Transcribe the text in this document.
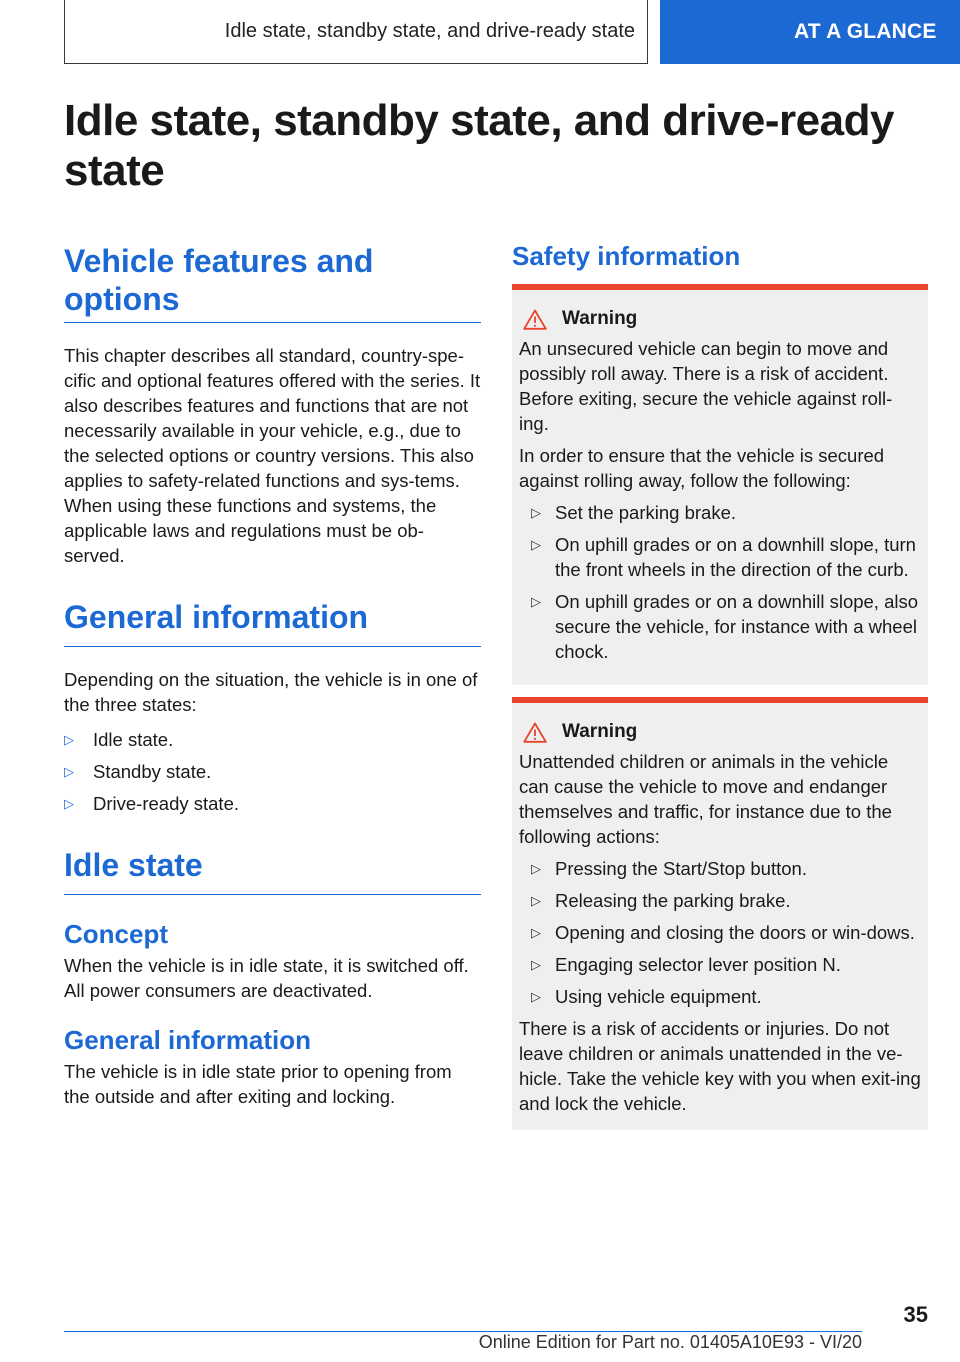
Idle state, standby state, and drive-ready state	AT A GLANCE
Idle state, standby state, and drive-ready state
Vehicle features and options

This chapter describes all standard, country-spe‐cific and optional features offered with the series. It also describes features and functions that are not necessarily available in your vehicle, e.g., due to the selected options or country versions. This also applies to safety-related functions and sys‐tems. When using these functions and systems, the applicable laws and regulations must be ob‐served.

General information

Depending on the situation, the vehicle is in one of the three states:

▷ Idle state.
▷ Standby state.
▷ Drive-ready state.
Idle state
Concept

When the vehicle is in idle state, it is switched off. All power consumers are deactivated.

General information

The vehicle is in idle state prior to opening from the outside and after exiting and locking.

Safety information
Warning

An unsecured vehicle can begin to move and possibly roll away. There is a risk of accident. Before exiting, secure the vehicle against roll‐ing.

In order to ensure that the vehicle is secured against rolling away, follow the following:

▷ Set the parking brake.
▷ On uphill grades or on a downhill slope, turn the front wheels in the direction of the curb.
▷ On uphill grades or on a downhill slope, also secure the vehicle, for instance with a wheel chock.
Warning

Unattended children or animals in the vehicle can cause the vehicle to move and endanger themselves and traffic, for instance due to the following actions:

▷ Pressing the Start/Stop button.
▷ Releasing the parking brake.
▷ Opening and closing the doors or win‐dows.
▷ Engaging selector lever position N.
▷ Using vehicle equipment.

There is a risk of accidents or injuries. Do not leave children or animals unattended in the ve‐hicle. Take the vehicle key with you when exit‐ing and lock the vehicle.

35
Online Edition for Part no. 01405A10E93 - VI/20
